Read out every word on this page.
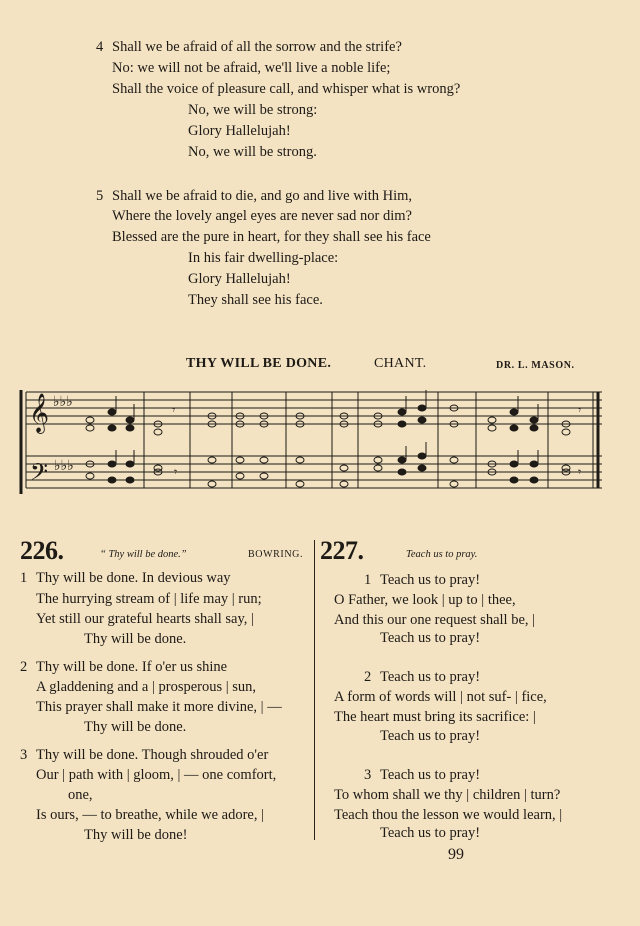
4 Shall we be afraid of all the sorrow and the strife?
No: we will not be afraid, we'll live a noble life;
Shall the voice of pleasure call, and whisper what is wrong?
No, we will be strong:
Glory Hallelujah!
No, we will be strong.
5 Shall we be afraid to die, and go and live with Him,
Where the lovely angel eyes are never sad nor dim?
Blessed are the pure in heart, for they shall see his face
In his fair dwelling-place:
Glory Hallelujah!
They shall see his face.
THY WILL BE DONE.	CHANT.	DR. L. MASON.
𝄞
𝄢
♭♭♭
♭♭♭
𝄾
𝄾
𝄾
𝄾
226.	“ Thy will be done.”	BOWRING.
1 Thy will be done. In devious way
The hurrying stream of | life may | run;
Yet still our grateful hearts shall say, |
Thy will be done.
2 Thy will be done. If o'er us shine
A gladdening and a | prosperous | sun,
This prayer shall make it more divine, | —
Thy will be done.
3 Thy will be done. Though shrouded o'er
Our | path with | gloom, | — one comfort,
one,
Is ours, — to breathe, while we adore, |
Thy will be done!
227.	Teach us to pray.
1 Teach us to pray!
O Father, we look | up to | thee,
And this our one request shall be, |
Teach us to pray!
2 Teach us to pray!
A form of words will | not suf- | fice,
The heart must bring its sacrifice: |
Teach us to pray!
3 Teach us to pray!
To whom shall we thy | children | turn?
Teach thou the lesson we would learn, |
Teach us to pray!
99
